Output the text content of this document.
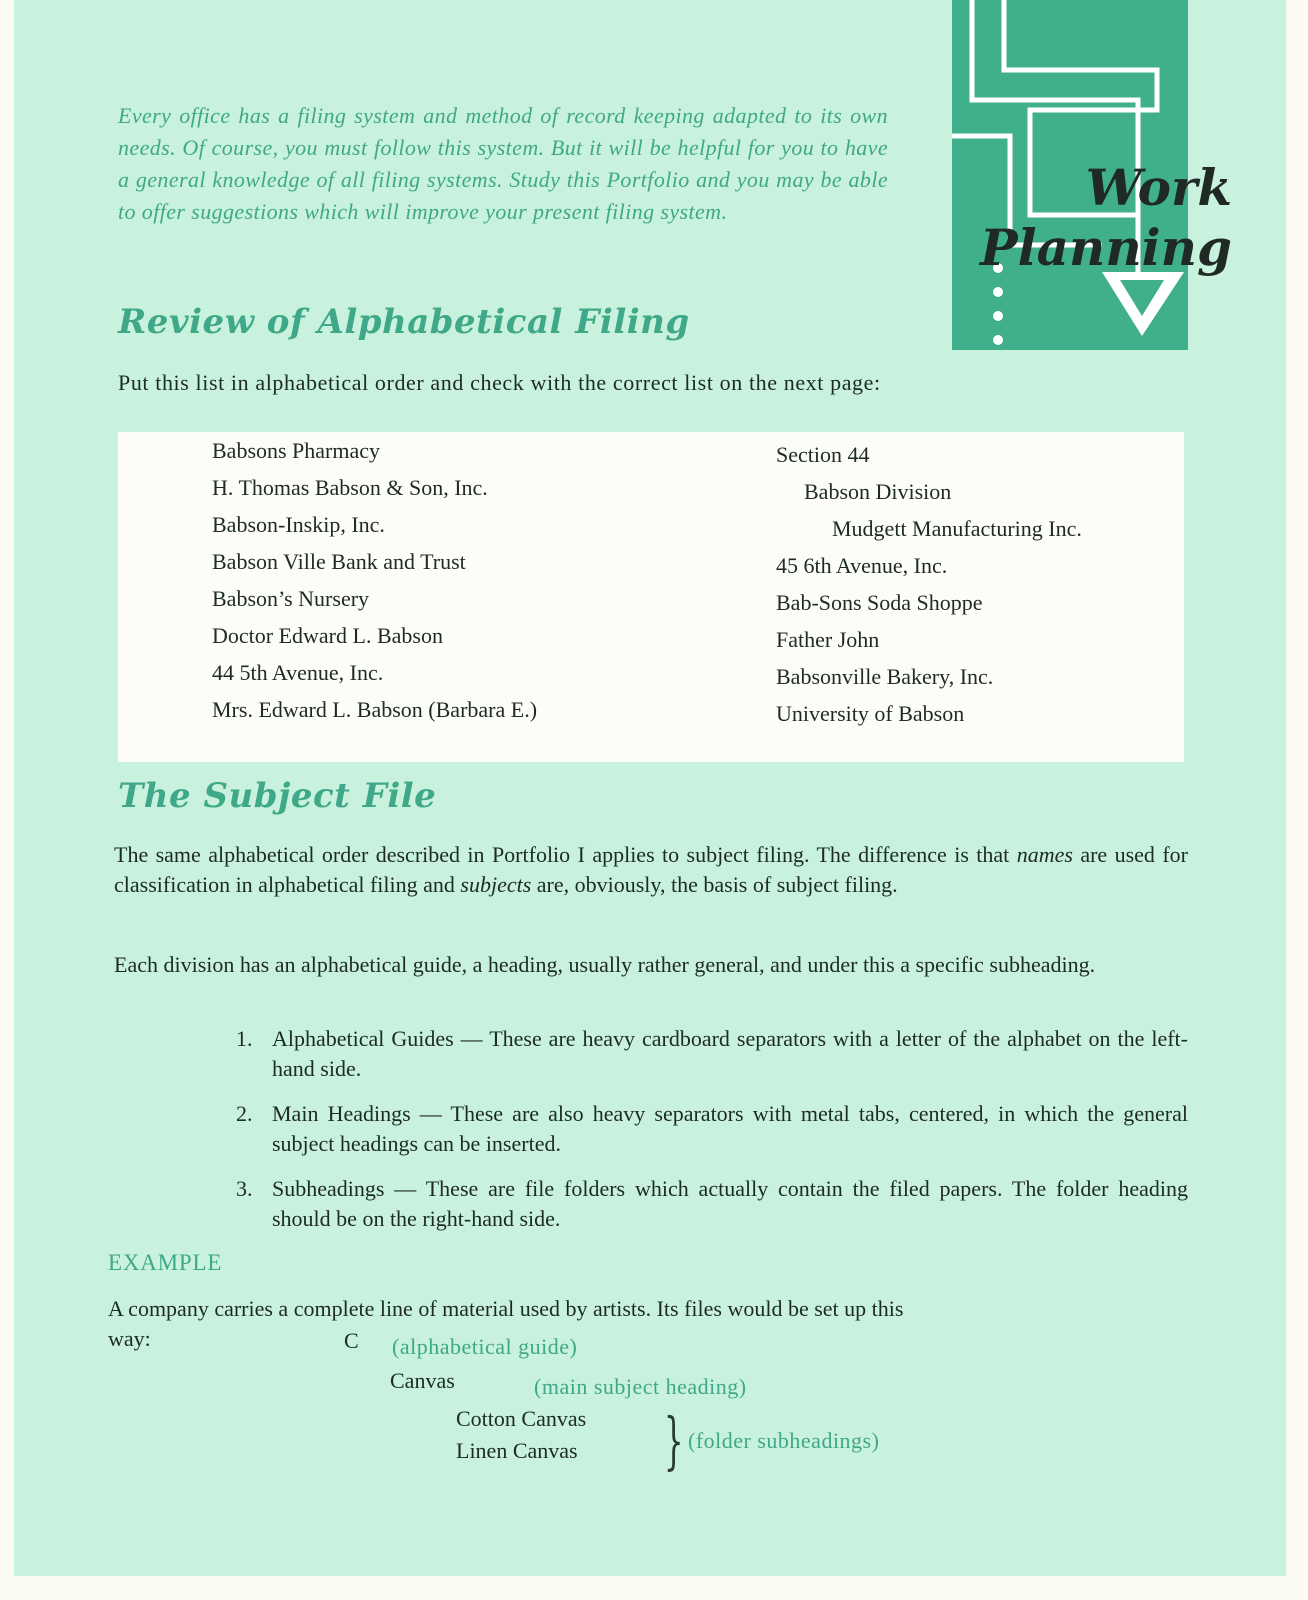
Every office has a filing system and method of record keeping adapted to its own needs. Of course, you must follow this system. But it will be helpful for you to have a general knowledge of all filing systems. Study this Portfolio and you may be able to offer suggestions which will improve your present filing system.	Work
Planning
Review of Alphabetical Filing

Put this list in alphabetical order and check with the correct list on the next page:

Babsons Pharmacy
H. Thomas Babson & Son, Inc.
Babson-Inskip, Inc.
Babson Ville Bank and Trust
Babson’s Nursery
Doctor Edward L. Babson
44 5th Avenue, Inc.
Mrs. Edward L. Babson (Barbara E.)
Section 44
Babson Division
Mudgett Manufacturing Inc.
45 6th Avenue, Inc.
Bab-Sons Soda Shoppe
Father John
Babsonville Bakery, Inc.
University of Babson
The Subject File

The same alphabetical order described in Portfolio I applies to subject filing. The difference is that names are used for classification in alphabetical filing and subjects are, obviously, the basis of subject filing.

Each division has an alphabetical guide, a heading, usually rather general, and under this a specific subheading.

1. Alphabetical Guides — These are heavy cardboard separators with a letter of the alphabet on the left-hand side.
2. Main Headings — These are also heavy separators with metal tabs, centered, in which the general subject headings can be inserted.
3. Subheadings — These are file folders which actually contain the filed papers. The folder heading should be on the right-hand side.

EXAMPLE

A company carries a complete line of material used by artists. Its files would be set up this
way:	C (alphabetical guide)
Canvas	(main subject heading)
Cotton Canvas
Linen Canvas } (folder subheadings)
